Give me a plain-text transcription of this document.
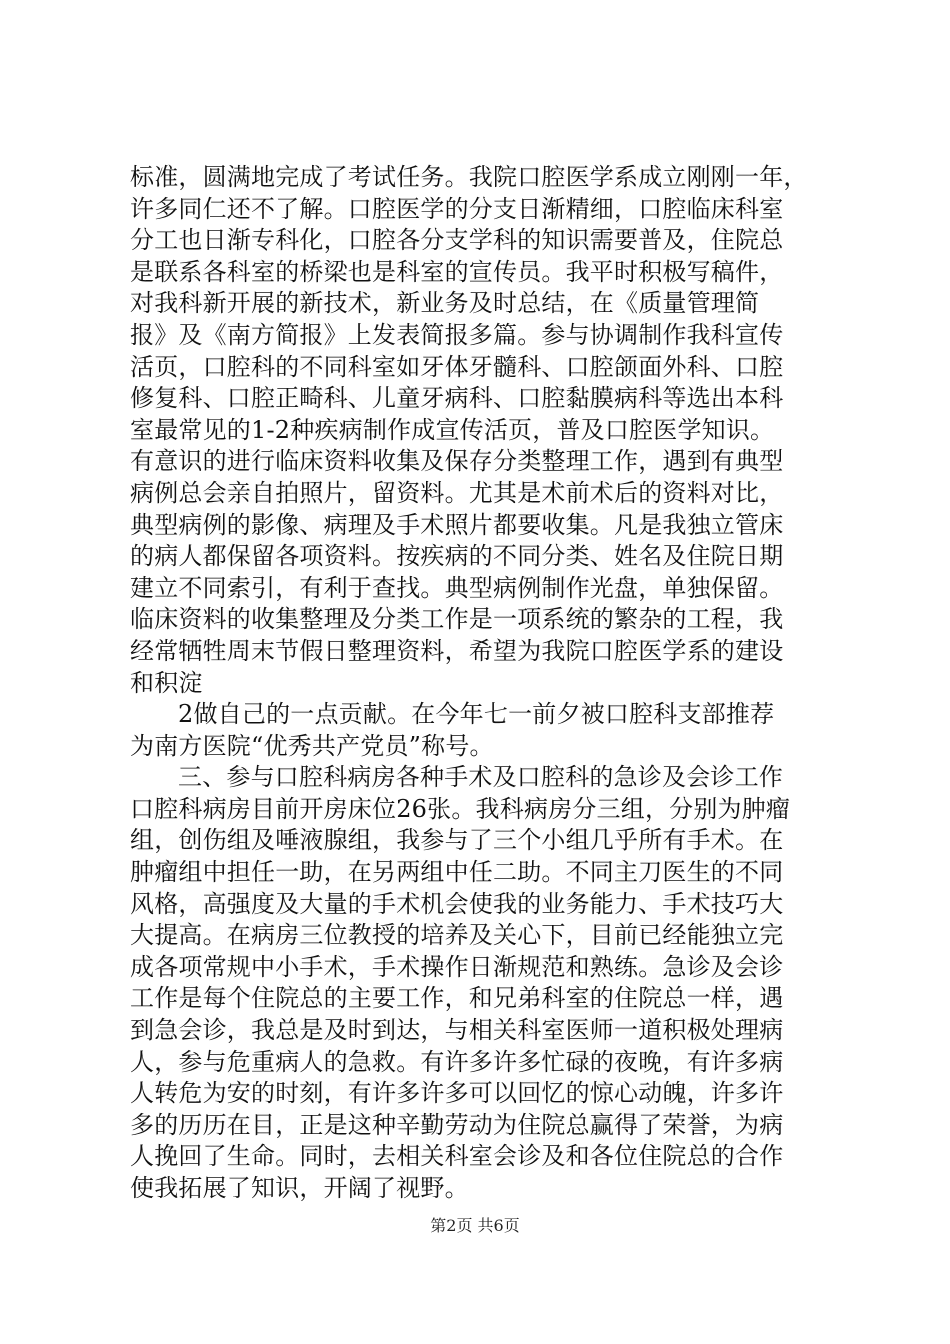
标准，圆满地完成了考试任务。我院口腔医学系成立刚刚一年，
许多同仁还不了解。口腔医学的分支日渐精细，口腔临床科室
分工也日渐专科化，口腔各分支学科的知识需要普及，住院总
是联系各科室的桥梁也是科室的宣传员。我平时积极写稿件，
对我科新开展的新技术，新业务及时总结，在《质量管理简
报》及《南方简报》上发表简报多篇。参与协调制作我科宣传
活页，口腔科的不同科室如牙体牙髓科、口腔颌面外科、口腔
修复科、口腔正畸科、儿童牙病科、口腔黏膜病科等选出本科
室最常见的1-2种疾病制作成宣传活页，普及口腔医学知识。
有意识的进行临床资料收集及保存分类整理工作，遇到有典型
病例总会亲自拍照片，留资料。尤其是术前术后的资料对比，
典型病例的影像、病理及手术照片都要收集。凡是我独立管床
的病人都保留各项资料。按疾病的不同分类、姓名及住院日期
建立不同索引，有利于查找。典型病例制作光盘，单独保留。
临床资料的收集整理及分类工作是一项系统的繁杂的工程，我
经常牺牲周末节假日整理资料，希望为我院口腔医学系的建设
和积淀
2做自己的一点贡献。在今年七一前夕被口腔科支部推荐
为南方医院“优秀共产党员”称号。
三、参与口腔科病房各种手术及口腔科的急诊及会诊工作
口腔科病房目前开房床位26张。我科病房分三组，分别为肿瘤
组，创伤组及唾液腺组，我参与了三个小组几乎所有手术。在
肿瘤组中担任一助，在另两组中任二助。不同主刀医生的不同
风格，高强度及大量的手术机会使我的业务能力、手术技巧大
大提高。在病房三位教授的培养及关心下，目前已经能独立完
成各项常规中小手术，手术操作日渐规范和熟练。急诊及会诊
工作是每个住院总的主要工作，和兄弟科室的住院总一样，遇
到急会诊，我总是及时到达，与相关科室医师一道积极处理病
人，参与危重病人的急救。有许多许多忙碌的夜晚，有许多病
人转危为安的时刻，有许多许多可以回忆的惊心动魄，许多许
多的历历在目，正是这种辛勤劳动为住院总赢得了荣誉，为病
人挽回了生命。同时，去相关科室会诊及和各位住院总的合作
使我拓展了知识，开阔了视野。
第2页 共6页
